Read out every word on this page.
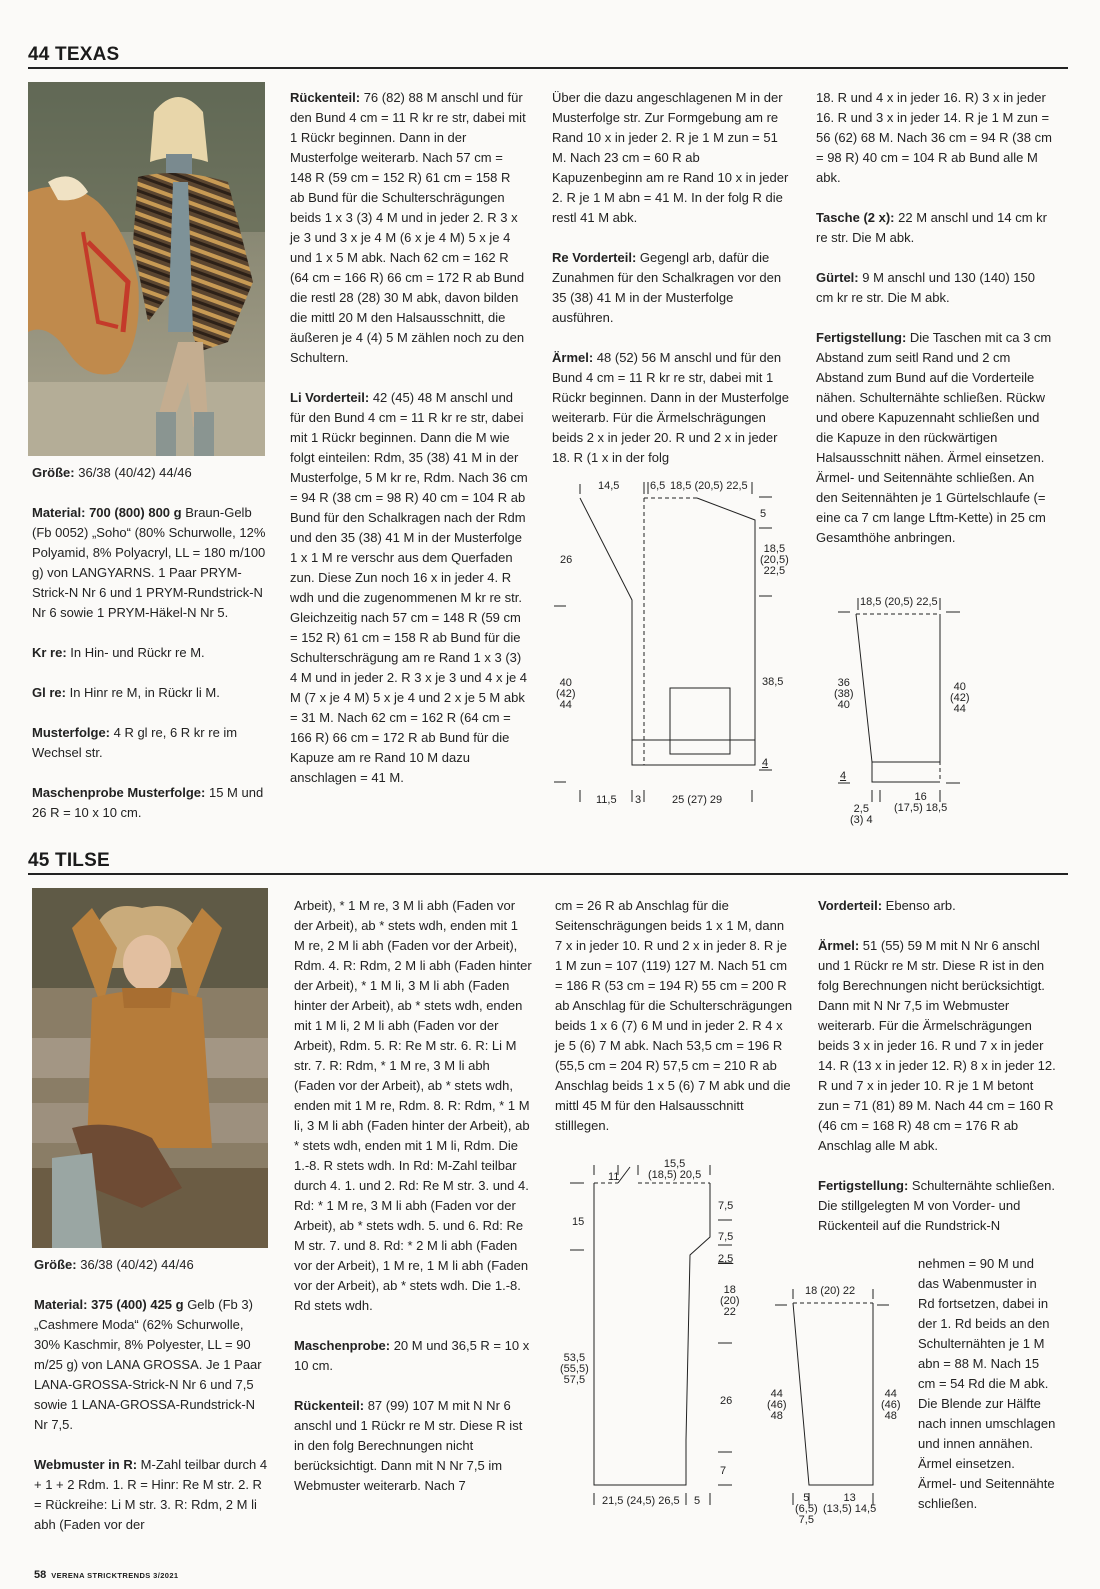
44 TEXAS

Größe: 36/38 (40/42) 44/46

Material: 700 (800) 800 g Braun-Gelb (Fb 0052) „Soho“ (80% Schurwolle, 12% Polyamid, 8% Polyacryl, LL = 180 m/100 g) von LANGYARNS. 1 Paar PRYM-Strick-N Nr 6 und 1 PRYM-Rundstrick-N Nr 6 sowie 1 PRYM-Häkel-N Nr 5.

Kr re: In Hin- und Rückr re M.

Gl re: In Hinr re M, in Rückr li M.

Musterfolge: 4 R gl re, 6 R kr re im Wechsel str.

Maschenprobe Musterfolge: 15 M und 26 R = 10 x 10 cm.

Rückenteil: 76 (82) 88 M anschl und für den Bund 4 cm = 11 R kr re str, dabei mit 1 Rückr beginnen. Dann in der Musterfolge weiterarb. Nach 57 cm = 148 R (59 cm = 152 R) 61 cm = 158 R ab Bund für die Schulterschrägungen beids 1 x 3 (3) 4 M und in jeder 2. R 3 x je 3 und 3 x je 4 M (6 x je 4 M) 5 x je 4 und 1 x 5 M abk. Nach 62 cm = 162 R (64 cm = 166 R) 66 cm = 172 R ab Bund die restl 28 (28) 30 M abk, davon bilden die mittl 20 M den Halsausschnitt, die äußeren je 4 (4) 5 M zählen noch zu den Schultern.

Li Vorderteil: 42 (45) 48 M anschl und für den Bund 4 cm = 11 R kr re str, dabei mit 1 Rückr beginnen. Dann die M wie folgt einteilen: Rdm, 35 (38) 41 M in der Musterfolge, 5 M kr re, Rdm. Nach 36 cm = 94 R (38 cm = 98 R) 40 cm = 104 R ab Bund für den Schalkragen nach der Rdm und den 35 (38) 41 M in der Musterfolge 1 x 1 M re verschr aus dem Querfaden zun. Diese Zun noch 16 x in jeder 4. R wdh und die zugenommenen M kr re str. Gleichzeitig nach 57 cm = 148 R (59 cm = 152 R) 61 cm = 158 R ab Bund für die Schulterschrägung am re Rand 1 x 3 (3) 4 M und in jeder 2. R 3 x je 3 und 4 x je 4 M (7 x je 4 M) 5 x je 4 und 2 x je 5 M abk = 31 M. Nach 62 cm = 162 R (64 cm = 166 R) 66 cm = 172 R ab Bund für die Kapuze am re Rand 10 M dazu anschlagen = 41 M.

Über die dazu angeschlagenen M in der Musterfolge str. Zur Formgebung am re Rand 10 x in jeder 2. R je 1 M zun = 51 M. Nach 23 cm = 60 R ab Kapuzenbeginn am re Rand 10 x in jeder 2. R je 1 M abn = 41 M. In der folg R die restl 41 M abk.

Re Vorderteil: Gegengl arb, dafür die Zunahmen für den Schalkragen vor den 35 (38) 41 M in der Musterfolge ausführen.

Ärmel: 48 (52) 56 M anschl und für den Bund 4 cm = 11 R kr re str, dabei mit 1 Rückr beginnen. Dann in der Musterfolge weiterarb. Für die Ärmelschrägungen beids 2 x in jeder 20. R und 2 x in jeder 18. R (1 x in der folg

18. R und 4 x in jeder 16. R) 3 x in jeder 16. R und 3 x in jeder 14. R je 1 M zun = 56 (62) 68 M. Nach 36 cm = 94 R (38 cm = 98 R) 40 cm = 104 R ab Bund alle M abk.

Tasche (2 x): 22 M anschl und 14 cm kr re str. Die M abk.

Gürtel: 9 M anschl und 130 (140) 150 cm kr re str. Die M abk.

Fertigstellung: Die Taschen mit ca 3 cm Abstand zum seitl Rand und 2 cm Abstand zum Bund auf die Vorderteile nähen. Schulternähte schließen. Rückw und obere Kapuzennaht schließen und die Kapuze in den rückwärtigen Halsausschnitt nähen. Ärmel einsetzen. Ärmel- und Seitennähte schließen. An den Seitennähten je 1 Gürtelschlaufe (= eine ca 7 cm lange Lftm-Kette) in 25 cm Gesamthöhe anbringen.

14,5	6,5 18,5 (20,5) 22,5
5
18,5
(20,5)
22,5
38,5
4
26
40
(42)
44
11,5 3	25 (27) 29
18,5 (20,5) 22,5
36
(38)
40
40
(42)
44
4
2,5
(3) 4
16
(17,5) 18,5
45 TILSE

Größe: 36/38 (40/42) 44/46

Material: 375 (400) 425 g Gelb (Fb 3) „Cashmere Moda“ (62% Schurwolle, 30% Kaschmir, 8% Polyester, LL = 90 m/25 g) von LANA GROSSA. Je 1 Paar LANA-GROSSA-Strick-N Nr 6 und 7,5 sowie 1 LANA-GROSSA-Rundstrick-N Nr 7,5.

Webmuster in R: M-Zahl teilbar durch 4 + 1 + 2 Rdm. 1. R = Hinr: Re M str. 2. R = Rückreihe: Li M str. 3. R: Rdm, 2 M li abh (Faden vor der

Arbeit), * 1 M re, 3 M li abh (Faden vor der Arbeit), ab * stets wdh, enden mit 1 M re, 2 M li abh (Faden vor der Arbeit), Rdm. 4. R: Rdm, 2 M li abh (Faden hinter der Arbeit), * 1 M li, 3 M li abh (Faden hinter der Arbeit), ab * stets wdh, enden mit 1 M li, 2 M li abh (Faden vor der Arbeit), Rdm. 5. R: Re M str. 6. R: Li M str. 7. R: Rdm, * 1 M re, 3 M li abh (Faden vor der Arbeit), ab * stets wdh, enden mit 1 M re, Rdm. 8. R: Rdm, * 1 M li, 3 M li abh (Faden hinter der Arbeit), ab * stets wdh, enden mit 1 M li, Rdm. Die 1.-8. R stets wdh. In Rd: M-Zahl teilbar durch 4. 1. und 2. Rd: Re M str. 3. und 4. Rd: * 1 M re, 3 M li abh (Faden vor der Arbeit), ab * stets wdh. 5. und 6. Rd: Re M str. 7. und 8. Rd: * 2 M li abh (Faden vor der Arbeit), 1 M re, 1 M li abh (Faden vor der Arbeit), ab * stets wdh. Die 1.-8. Rd stets wdh.

Maschenprobe: 20 M und 36,5 R = 10 x 10 cm.

Rückenteil: 87 (99) 107 M mit N Nr 6 anschl und 1 Rückr re M str. Diese R ist in den folg Berechnungen nicht berücksichtigt. Dann mit N Nr 7,5 im Webmuster weiterarb. Nach 7

cm = 26 R ab Anschlag für die Seitenschrägungen beids 1 x 1 M, dann 7 x in jeder 10. R und 2 x in jeder 8. R je 1 M zun = 107 (119) 127 M. Nach 51 cm = 186 R (53 cm = 194 R) 55 cm = 200 R ab Anschlag für die Schulterschrägungen beids 1 x 6 (7) 6 M und in jeder 2. R 4 x je 5 (6) 7 M abk. Nach 53,5 cm = 196 R (55,5 cm = 204 R) 57,5 cm = 210 R ab Anschlag beids 1 x 5 (6) 7 M abk und die mittl 45 M für den Halsausschnitt stilllegen.

Vorderteil: Ebenso arb.

Ärmel: 51 (55) 59 M mit N Nr 6 anschl und 1 Rückr re M str. Diese R ist in den folg Berechnungen nicht berücksichtigt. Dann mit N Nr 7,5 im Webmuster weiterarb. Für die Ärmelschrägungen beids 3 x in jeder 16. R und 7 x in jeder 14. R (13 x in jeder 12. R) 8 x in jeder 12. R und 7 x in jeder 10. R je 1 M betont zun = 71 (81) 89 M. Nach 44 cm = 160 R (46 cm = 168 R) 48 cm = 176 R ab Anschlag alle M abk.

Fertigstellung: Schulternähte schließen. Die stillgelegten M von Vorder- und Rückenteil auf die Rundstrick-N

nehmen = 90 M und das Wabenmuster in Rd fortsetzen, dabei in der 1. Rd beids an den Schulternähten je 1 M abn = 88 M. Nach 15 cm = 54 Rd die M abk. Die Blende zur Hälfte nach innen umschlagen und innen annähen. Ärmel einsetzen. Ärmel- und Seitennähte schließen.
11
15,5
(18,5) 20,5
15
53,5
(55,5)
57,5
7,5
7,5
2,5
18
(20)
22
26
7
21,5 (24,5) 26,5 5
18 (20) 22
44
(46)
48
44
(46)
48
5
(6,5)
7,5
13
(13,5) 14,5
58 VERENA STRICKTRENDS 3/2021
